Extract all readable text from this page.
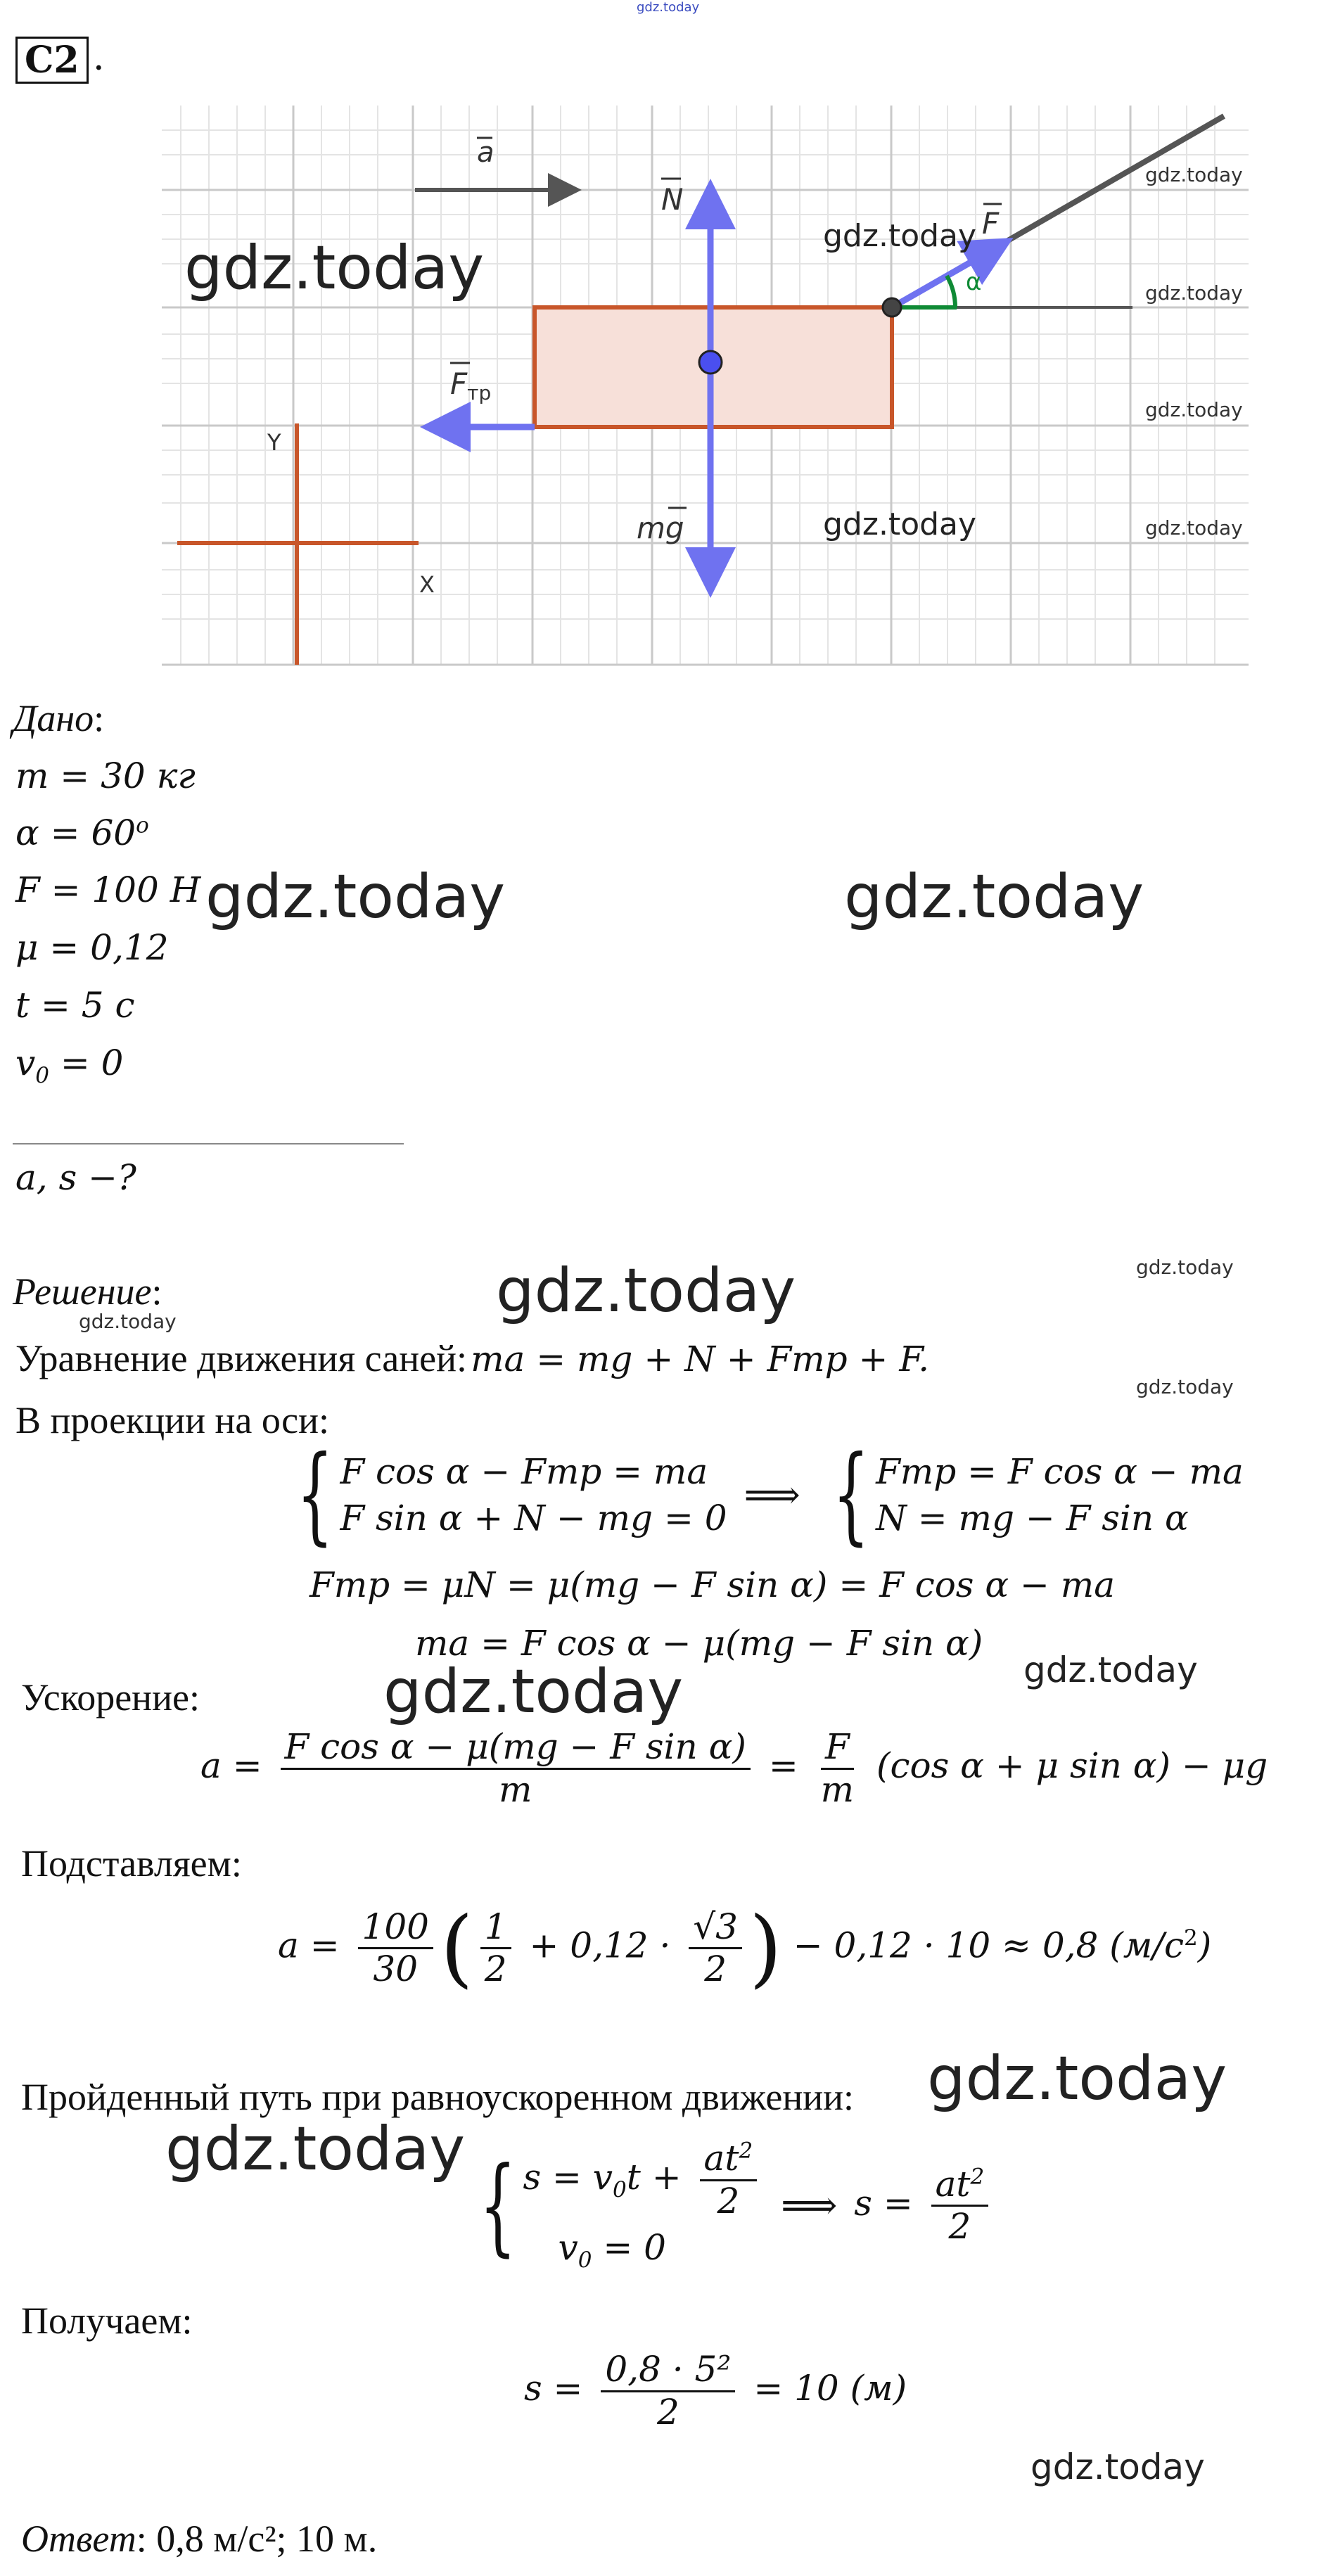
gdz.today
С2 .
a
α
N
F
Fтр
mg
Y
X
gdz.today	gdz.today
gdz.today
gdz.today
gdz.today
gdz.today
gdz.today
Дано:
m = 30 кг
$\alpha = 60^o$
F = 100 Н
μ = 0,12
t = 5 с
$v_0 = 0$
a, s −?
Решение:
Уравнение движения саней: ma = mg + N + Fтр + F.
В проекции на оси:
{ F cos α − Fтр = ma
F sin α + N − mg = 0
⟹ { Fтр = F cos α − ma
N = mg − F sin α
Fтр = μN = μ(mg − F sin α) = F cos α − ma
ma = F cos α − μ(mg − F sin α)
Ускорение:
$a = \frac{\text{F cos α − μ(mg − F sin α)}}{m} = \frac{F}{m} (\cos$ α + μ sin α) − μg
Подставляем:
$a = \frac{100}{30}$ ( $\frac{1}{2} + 0,12 \cdot \frac{√3}{2}$ ) − 0,12 · 10 ≈ 0,8 $(м/с^2)$
Пройденный путь при равноускоренном движении:
{ $s = v_0t + \frac{at^2}{2}$
$v_0 = 0$
⟹ $s = \frac{at^2}{2}$
Получаем:
$s = \frac{\text{0,8 · 5²}}{2} = 10$ (м)
Ответ: 0,8 м/с²; 10 м.
gdz.today	gdz.today
gdz.today	gdz.today
gdz.today
gdz.today
gdz.today
gdz.today
gdz.today
gdz.today
gdz.today
